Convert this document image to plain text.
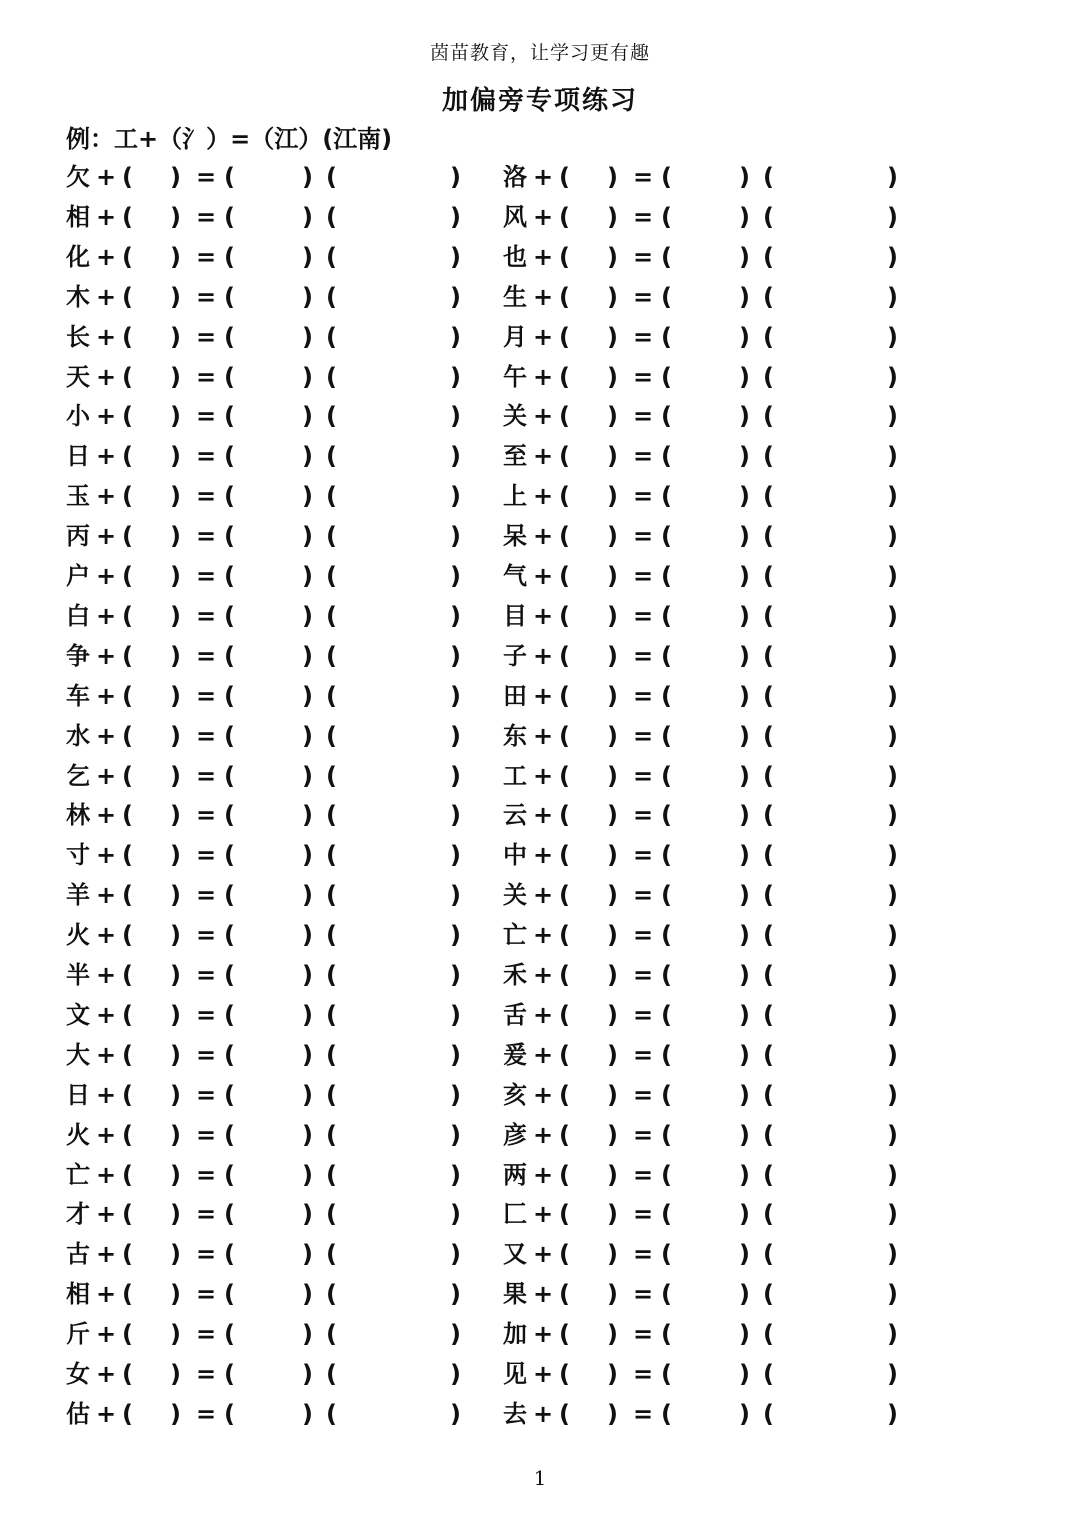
茵苗教育，让学习更有趣
加偏旁专项练习
例：工+（氵）=（江）(江南)
欠 + ( ) = (	) (	) 洛 + ( ) = (	) (	)
相 + ( ) = (	) (	) 风 + ( ) = (	) (	)
化 + ( ) = (	) (	) 也 + ( ) = (	) (	)
木 + ( ) = (	) (	) 生 + ( ) = (	) (	)
长 + ( ) = (	) (	) 月 + ( ) = (	) (	)
天 + ( ) = (	) (	) 午 + ( ) = (	) (	)
小 + ( ) = (	) (	) 关 + ( ) = (	) (	)
日 + ( ) = (	) (	) 至 + ( ) = (	) (	)
玉 + ( ) = (	) (	) 上 + ( ) = (	) (	)
丙 + ( ) = (	) (	) 呆 + ( ) = (	) (	)
户 + ( ) = (	) (	) 气 + ( ) = (	) (	)
白 + ( ) = (	) (	) 目 + ( ) = (	) (	)
争 + ( ) = (	) (	) 子 + ( ) = (	) (	)
车 + ( ) = (	) (	) 田 + ( ) = (	) (	)
水 + ( ) = (	) (	) 东 + ( ) = (	) (	)
乞 + ( ) = (	) (	) 工 + ( ) = (	) (	)
林 + ( ) = (	) (	) 云 + ( ) = (	) (	)
寸 + ( ) = (	) (	) 中 + ( ) = (	) (	)
羊 + ( ) = (	) (	) 关 + ( ) = (	) (	)
火 + ( ) = (	) (	) 亡 + ( ) = (	) (	)
半 + ( ) = (	) (	) 禾 + ( ) = (	) (	)
文 + ( ) = (	) (	) 舌 + ( ) = (	) (	)
大 + ( ) = (	) (	) 爰 + ( ) = (	) (	)
日 + ( ) = (	) (	) 亥 + ( ) = (	) (	)
火 + ( ) = (	) (	) 彦 + ( ) = (	) (	)
亡 + ( ) = (	) (	) 两 + ( ) = (	) (	)
才 + ( ) = (	) (	) 匚 + ( ) = (	) (	)
古 + ( ) = (	) (	) 又 + ( ) = (	) (	)
相 + ( ) = (	) (	) 果 + ( ) = (	) (	)
斤 + ( ) = (	) (	) 加 + ( ) = (	) (	)
女 + ( ) = (	) (	) 见 + ( ) = (	) (	)
估 + ( ) = (	) (	) 去 + ( ) = (	) (	)
1
